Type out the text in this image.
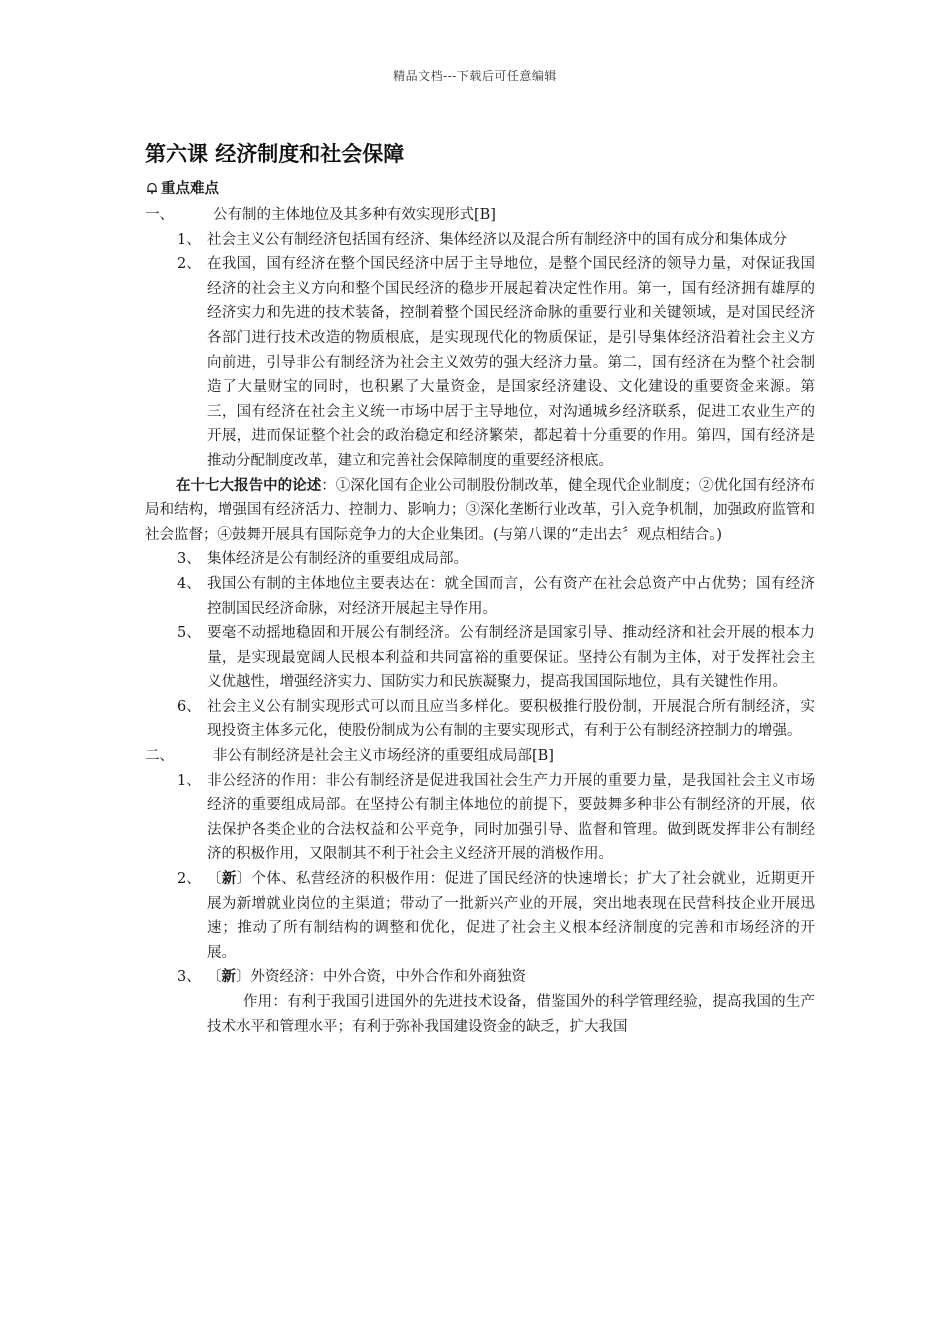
精品文档---下载后可任意编辑
第六课 经济制度和社会保障
重点难点
一、	公有制的主体地位及其多种有效实现形式[B]
1、 社会主义公有制经济包括国有经济、集体经济以及混合所有制经济中的国有成分和集体成分
2、 在我国，国有经济在整个国民经济中居于主导地位，是整个国民经济的领导力量，对保证我国经济的社会主义方向和整个国民经济的稳步开展起着决定性作用。第一，国有经济拥有雄厚的经济实力和先进的技术装备，控制着整个国民经济命脉的重要行业和关键领域，是对国民经济各部门进行技术改造的物质根底，是实现现代化的物质保证，是引导集体经济沿着社会主义方向前进，引导非公有制经济为社会主义效劳的强大经济力量。第二，国有经济在为整个社会制造了大量财宝的同时，也积累了大量资金，是国家经济建设、文化建设的重要资金来源。第三，国有经济在社会主义统一市场中居于主导地位，对沟通城乡经济联系，促进工农业生产的开展，进而保证整个社会的政治稳定和经济繁荣，都起着十分重要的作用。第四，国有经济是推动分配制度改革，建立和完善社会保障制度的重要经济根底。
在十七大报告中的论述：①深化国有企业公司制股份制改革，健全现代企业制度；②优化国有经济布局和结构，增强国有经济活力、控制力、影响力；③深化垄断行业改革，引入竞争机制，加强政府监管和社会监督；④鼓舞开展具有国际竞争力的大企业集团。(与第八课的“走出去〞观点相结合。)
3、 集体经济是公有制经济的重要组成局部。
4、 我国公有制的主体地位主要表达在：就全国而言，公有资产在社会总资产中占优势；国有经济控制国民经济命脉，对经济开展起主导作用。
5、 要毫不动摇地稳固和开展公有制经济。公有制经济是国家引导、推动经济和社会开展的根本力量，是实现最宽阔人民根本利益和共同富裕的重要保证。坚持公有制为主体，对于发挥社会主义优越性，增强经济实力、国防实力和民族凝聚力，提高我国国际地位，具有关键性作用。
6、 社会主义公有制实现形式可以而且应当多样化。要积极推行股份制，开展混合所有制经济，实现投资主体多元化，使股份制成为公有制的主要实现形式，有利于公有制经济控制力的增强。
二、	非公有制经济是社会主义市场经济的重要组成局部[B]
1、 非公经济的作用：非公有制经济是促进我国社会生产力开展的重要力量，是我国社会主义市场经济的重要组成局部。在坚持公有制主体地位的前提下，要鼓舞多种非公有制经济的开展，依法保护各类企业的合法权益和公平竞争，同时加强引导、监督和管理。做到既发挥非公有制经济的积极作用，又限制其不利于社会主义经济开展的消极作用。
2、 〔新〕个体、私营经济的积极作用：促进了国民经济的快速增长；扩大了社会就业，近期更开展为新增就业岗位的主渠道；带动了一批新兴产业的开展，突出地表现在民营科技企业开展迅速；推动了所有制结构的调整和优化，促进了社会主义根本经济制度的完善和市场经济的开展。
3、 〔新〕外资经济：中外合资，中外合作和外商独资
作用：有利于我国引进国外的先进技术设备，借鉴国外的科学管理经验，提高我国的生产技术水平和管理水平；有利于弥补我国建设资金的缺乏，扩大我国
